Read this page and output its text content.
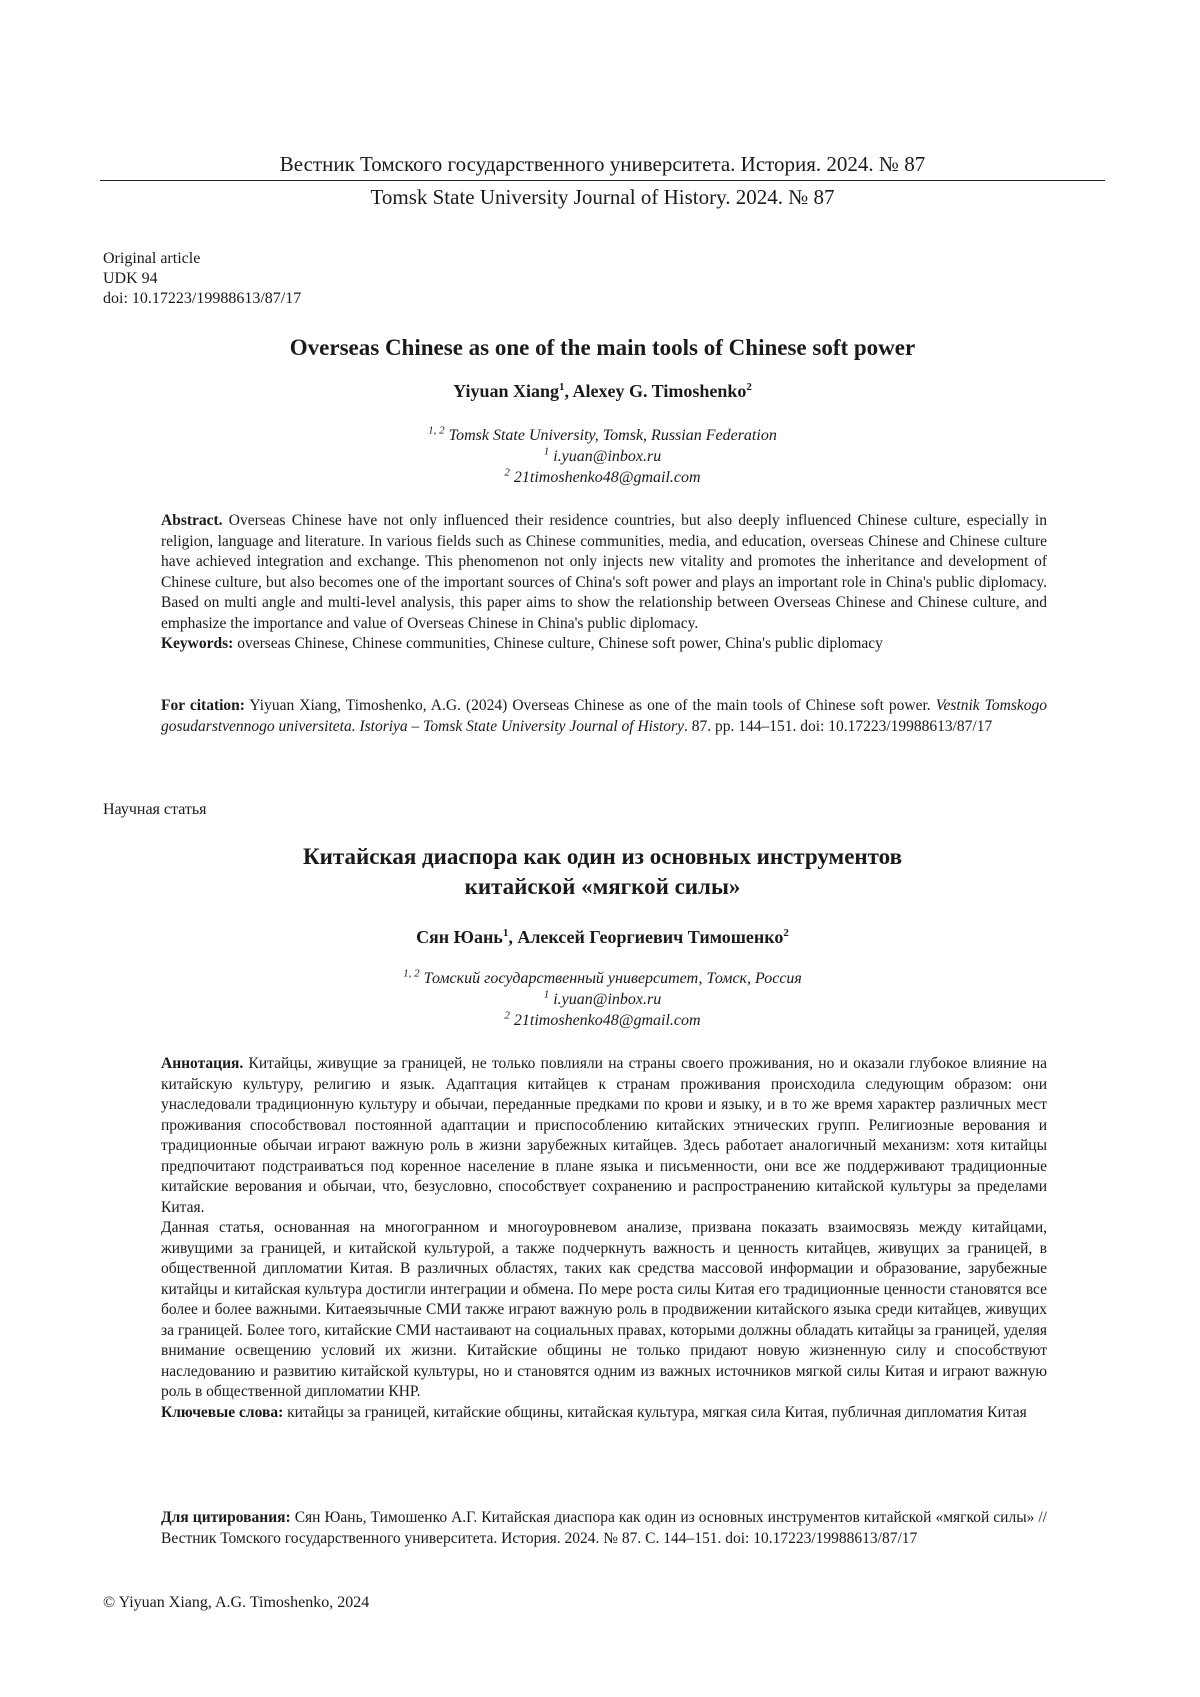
Вестник Томского государственного университета. История. 2024. № 87
Tomsk State University Journal of History. 2024. № 87
Original article
UDK 94
doi: 10.17223/19988613/87/17
Overseas Chinese as one of the main tools of Chinese soft power
Yiyuan Xiang$^1$, Alexey G. Timoshenko$^2$
$^{1, 2}$ Tomsk State University, Tomsk, Russian Federation
$^1$ i.yuan@inbox.ru
$^2$ 21timoshenko48@gmail.com

Abstract. Overseas Chinese have not only influenced their residence countries, but also deeply influenced Chinese culture, especially in religion, language and literature. In various fields such as Chinese communities, media, and education, overseas Chinese and Chinese culture have achieved integration and exchange. This phenomenon not only injects new vitality and promotes the inheritance and development of Chinese culture, but also becomes one of the important sources of China's soft power and plays an important role in China's public diplomacy. Based on multi angle and multi-level analysis, this paper aims to show the relationship between Overseas Chinese and Chinese culture, and emphasize the importance and value of Overseas Chinese in China's public diplomacy.

Keywords: overseas Chinese, Chinese communities, Chinese culture, Chinese soft power, China's public diplomacy

For citation: Yiyuan Xiang, Timoshenko, A.G. (2024) Overseas Chinese as one of the main tools of Chinese soft power. Vestnik Tomskogo gosudarstvennogo universiteta. Istoriya – Tomsk State University Journal of History. 87. pp. 144–151. doi: 10.17223/19988613/87/17

Научная статья
Китайская диаспора как один из основных инструментов
китайской «мягкой силы»
Сян Юань$^1$, Алексей Георгиевич Тимошенко$^2$
$^{1, 2}$ Томский государственный университет, Томск, Россия
$^1$ i.yuan@inbox.ru
$^2$ 21timoshenko48@gmail.com

Аннотация. Китайцы, живущие за границей, не только повлияли на страны своего проживания, но и оказали глубокое влияние на китайскую культуру, религию и язык. Адаптация китайцев к странам проживания происходила следующим образом: они унаследовали традиционную культуру и обычаи, переданные предками по крови и языку, и в то же время характер различных мест проживания способствовал постоянной адаптации и приспособлению китайских этнических групп. Религиозные верования и традиционные обычаи играют важную роль в жизни зарубежных китайцев. Здесь работает аналогичный механизм: хотя китайцы предпочитают подстраиваться под коренное население в плане языка и письменности, они все же поддерживают традиционные китайские верования и обычаи, что, безусловно, способствует сохранению и распространению китайской культуры за пределами Китая.

Данная статья, основанная на многогранном и многоуровневом анализе, призвана показать взаимосвязь между китайцами, живущими за границей, и китайской культурой, а также подчеркнуть важность и ценность китайцев, живущих за границей, в общественной дипломатии Китая. В различных областях, таких как средства массовой информации и образование, зарубежные китайцы и китайская культура достигли интеграции и обмена. По мере роста силы Китая его традиционные ценности становятся все более и более важными. Китаеязычные СМИ также играют важную роль в продвижении китайского языка среди китайцев, живущих за границей. Более того, китайские СМИ настаивают на социальных правах, которыми должны обладать китайцы за границей, уделяя внимание освещению условий их жизни. Китайские общины не только придают новую жизненную силу и способствуют наследованию и развитию китайской культуры, но и становятся одним из важных источников мягкой силы Китая и играют важную роль в общественной дипломатии КНР.

Ключевые слова: китайцы за границей, китайские общины, китайская культура, мягкая сила Китая, публичная дипломатия Китая

Для цитирования: Сян Юань, Тимошенко А.Г. Китайская диаспора как один из основных инструментов китайской «мягкой силы» // Вестник Томского государственного университета. История. 2024. № 87. С. 144–151. doi: 10.17223/19988613/87/17

© Yiyuan Xiang, A.G. Timoshenko, 2024
